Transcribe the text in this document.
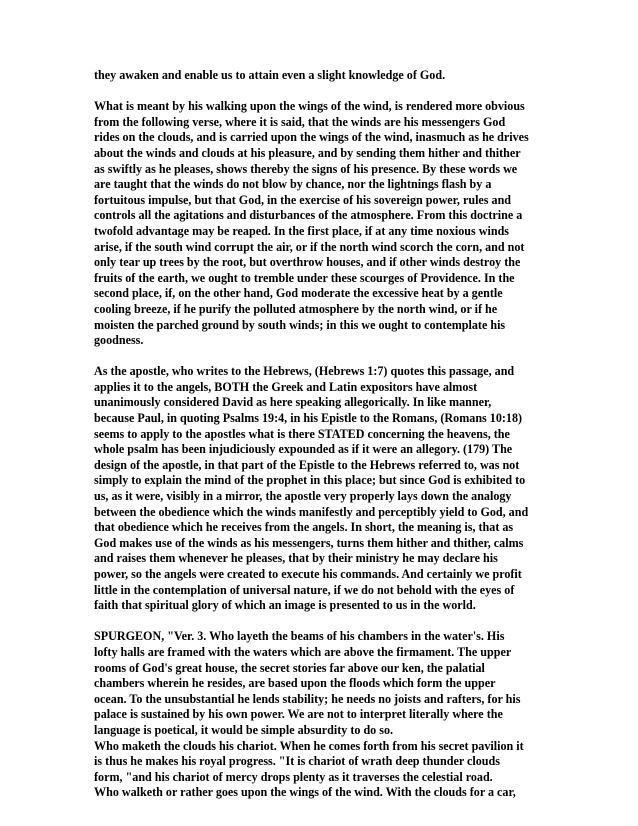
they awaken and enable us to attain even a slight knowledge of God.
What is meant by his walking upon the wings of the wind, is rendered more obvious
from the following verse, where it is said, that the winds are his messengers God
rides on the clouds, and is carried upon the wings of the wind, inasmuch as he drives
about the winds and clouds at his pleasure, and by sending them hither and thither
as swiftly as he pleases, shows thereby the signs of his presence. By these words we
are taught that the winds do not blow by chance, nor the lightnings flash by a
fortuitous impulse, but that God, in the exercise of his sovereign power, rules and
controls all the agitations and disturbances of the atmosphere. From this doctrine a
twofold advantage may be reaped. In the first place, if at any time noxious winds
arise, if the south wind corrupt the air, or if the north wind scorch the corn, and not
only tear up trees by the root, but overthrow houses, and if other winds destroy the
fruits of the earth, we ought to tremble under these scourges of Providence. In the
second place, if, on the other hand, God moderate the excessive heat by a gentle
cooling breeze, if he purify the polluted atmosphere by the north wind, or if he
moisten the parched ground by south winds; in this we ought to contemplate his
goodness.
As the apostle, who writes to the Hebrews, (Hebrews 1:7) quotes this passage, and
applies it to the angels, BOTH the Greek and Latin expositors have almost
unanimously considered David as here speaking allegorically. In like manner,
because Paul, in quoting Psalms 19:4, in his Epistle to the Romans, (Romans 10:18)
seems to apply to the apostles what is there STATED concerning the heavens, the
whole psalm has been injudiciously expounded as if it were an allegory. (179) The
design of the apostle, in that part of the Epistle to the Hebrews referred to, was not
simply to explain the mind of the prophet in this place; but since God is exhibited to
us, as it were, visibly in a mirror, the apostle very properly lays down the analogy
between the obedience which the winds manifestly and perceptibly yield to God, and
that obedience which he receives from the angels. In short, the meaning is, that as
God makes use of the winds as his messengers, turns them hither and thither, calms
and raises them whenever he pleases, that by their ministry he may declare his
power, so the angels were created to execute his commands. And certainly we profit
little in the contemplation of universal nature, if we do not behold with the eyes of
faith that spiritual glory of which an image is presented to us in the world.
SPURGEON, "Ver. 3. Who layeth the beams of his chambers in the water's. His
lofty halls are framed with the waters which are above the firmament. The upper
rooms of God's great house, the secret stories far above our ken, the palatial
chambers wherein he resides, are based upon the floods which form the upper
ocean. To the unsubstantial he lends stability; he needs no joists and rafters, for his
palace is sustained by his own power. We are not to interpret literally where the
language is poetical, it would be simple absurdity to do so.
Who maketh the clouds his chariot. When he comes forth from his secret pavilion it
is thus he makes his royal progress. "It is chariot of wrath deep thunder clouds
form, "and his chariot of mercy drops plenty as it traverses the celestial road.
Who walketh or rather goes upon the wings of the wind. With the clouds for a car,
